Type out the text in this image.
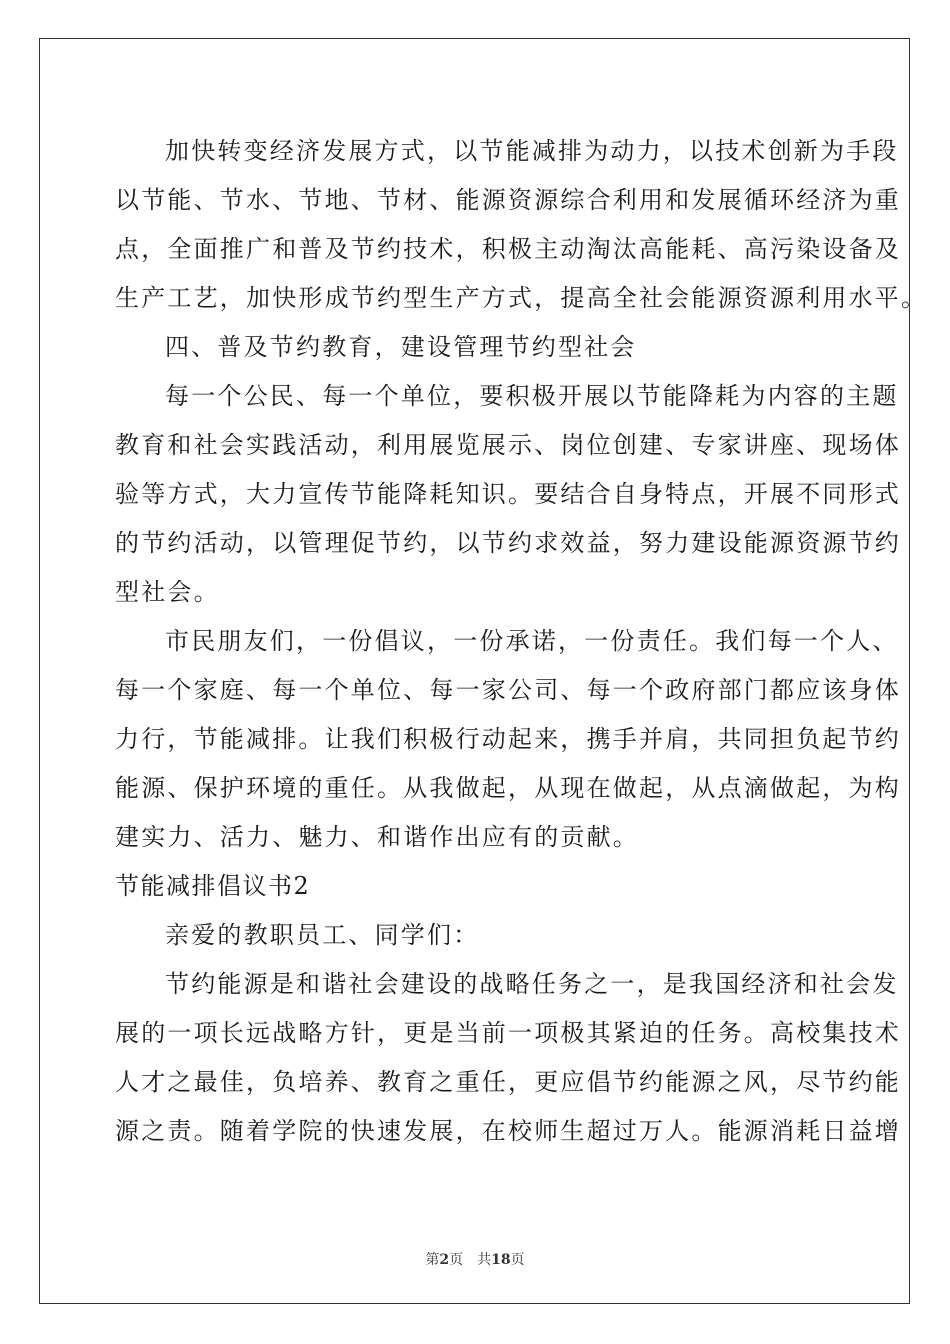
加快转变经济发展方式，以节能减排为动力，以技术创新为手段
以节能、节水、节地、节材、能源资源综合利用和发展循环经济为重
点，全面推广和普及节约技术，积极主动淘汰高能耗、高污染设备及
生产工艺，加快形成节约型生产方式，提高全社会能源资源利用水平。
四、普及节约教育，建设管理节约型社会
每一个公民、每一个单位，要积极开展以节能降耗为内容的主题
教育和社会实践活动，利用展览展示、岗位创建、专家讲座、现场体
验等方式，大力宣传节能降耗知识。要结合自身特点，开展不同形式
的节约活动，以管理促节约，以节约求效益，努力建设能源资源节约
型社会。
市民朋友们，一份倡议，一份承诺，一份责任。我们每一个人、
每一个家庭、每一个单位、每一家公司、每一个政府部门都应该身体
力行，节能减排。让我们积极行动起来，携手并肩，共同担负起节约
能源、保护环境的重任。从我做起，从现在做起，从点滴做起，为构
建实力、活力、魅力、和谐作出应有的贡献。
节能减排倡议书2
亲爱的教职员工、同学们：
节约能源是和谐社会建设的战略任务之一，是我国经济和社会发
展的一项长远战略方针，更是当前一项极其紧迫的任务。高校集技术
人才之最佳，负培养、教育之重任，更应倡节约能源之风，尽节约能
源之责。随着学院的快速发展，在校师生超过万人。能源消耗日益增
第2页 共18页
